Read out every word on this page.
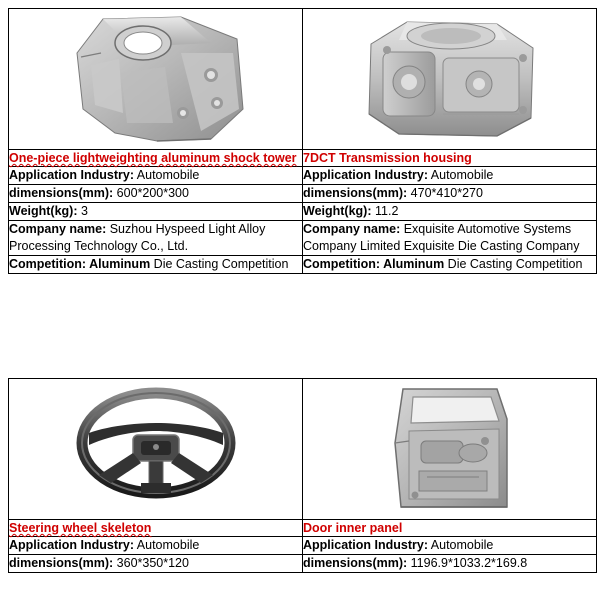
One-piece lightweighting aluminum shock tower	7DCT Transmission housing
Application Industry: Automobile	Application Industry: Automobile
dimensions(mm): 600*200*300	dimensions(mm): 470*410*270
Weight(kg): 3	Weight(kg): 11.2
Company name: Suzhou Hyspeed Light Alloy Processing Technology Co., Ltd.	Company name: Exquisite Automotive Systems Company Limited Exquisite Die Casting Company
Competition: Aluminum Die Casting Competition	Competition: Aluminum Die Casting Competition

Steering wheel skeleton	Door inner panel
Application Industry: Automobile	Application Industry: Automobile
dimensions(mm): 360*350*120	dimensions(mm): 1196.9*1033.2*169.8
